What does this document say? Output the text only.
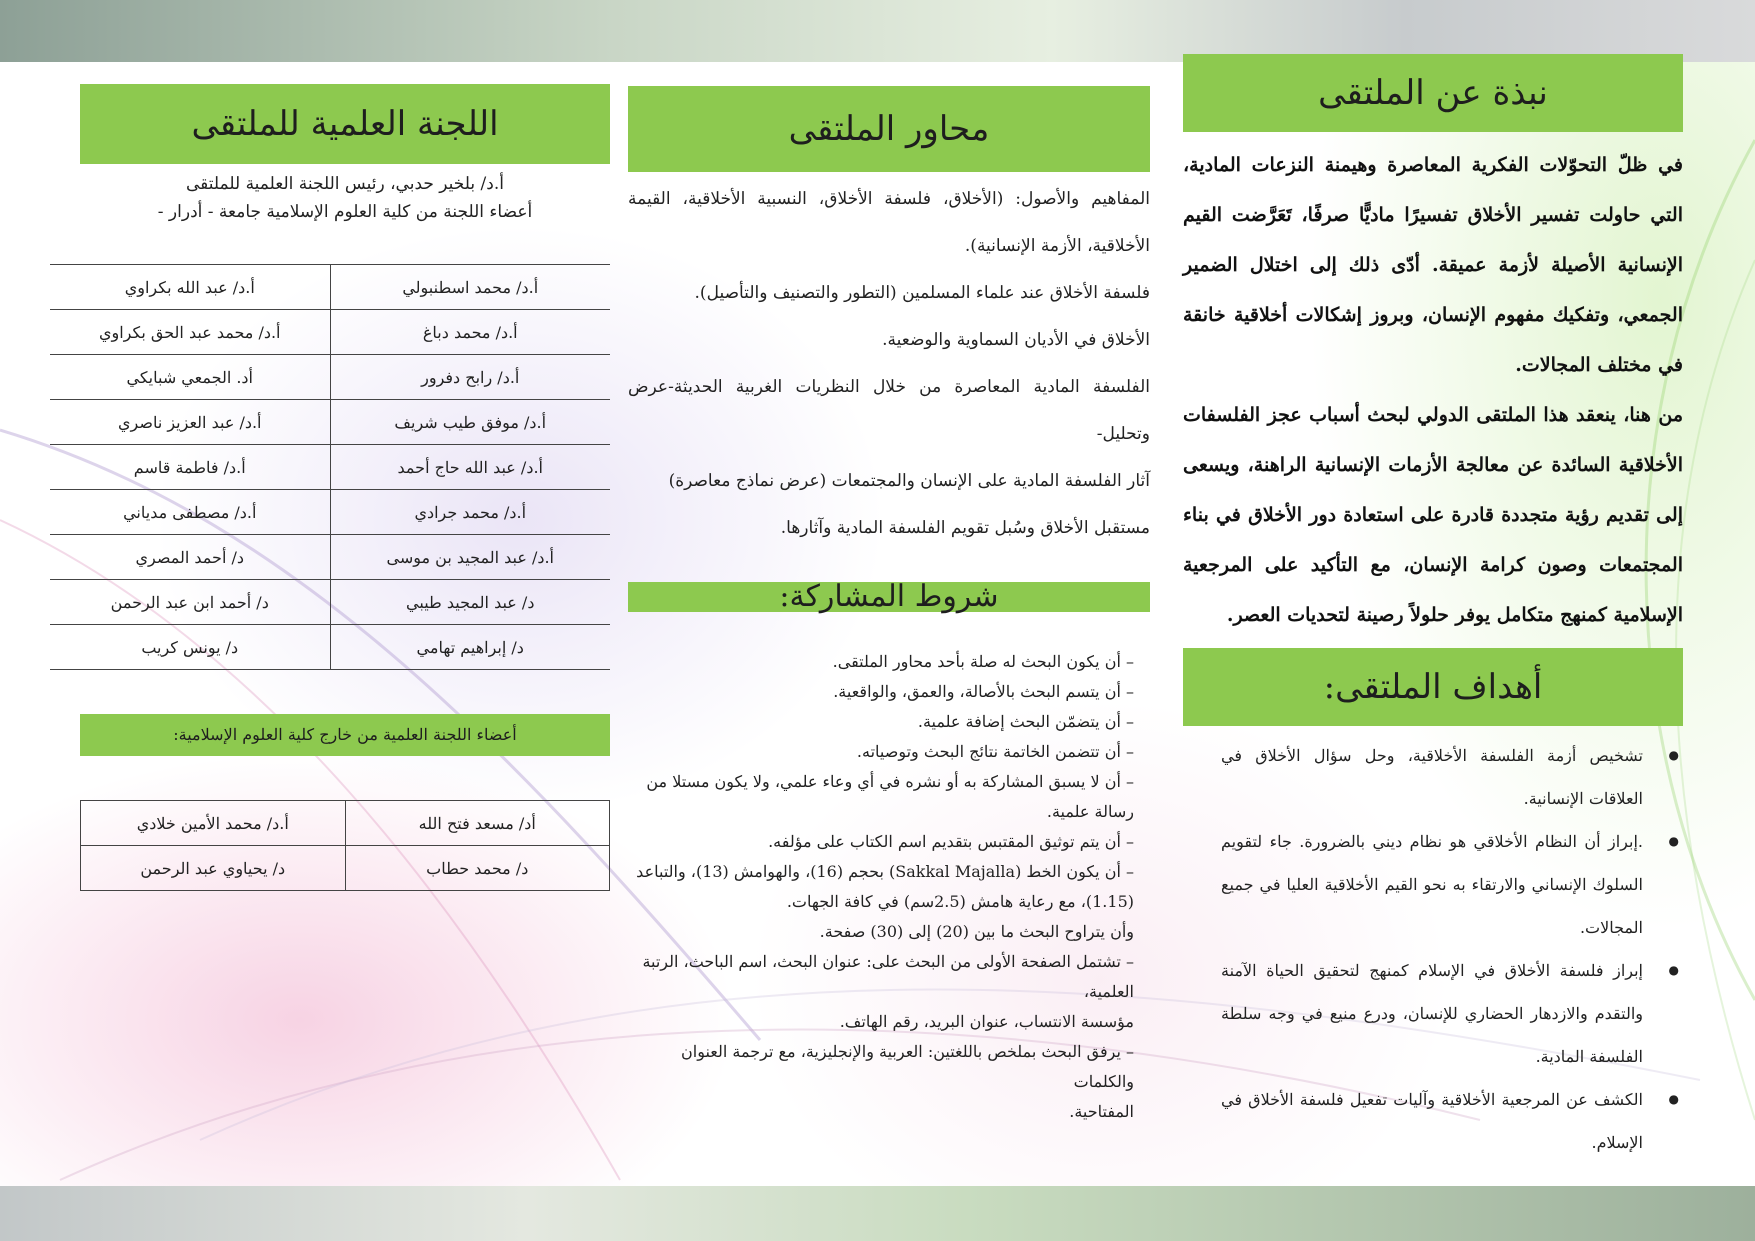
نبذة عن الملتقى

في ظلّ التحوّلات الفكرية المعاصرة وهيمنة النزعات المادية، التي حاولت تفسير الأخلاق تفسيرًا ماديًّا صرفًا، تَعَرَّضت القيم الإنسانية الأصيلة لأزمة عميقة. أدّى ذلك إلى اختلال الضمير الجمعي، وتفكيك مفهوم الإنسان، وبروز إشكالات أخلاقية خانقة في مختلف المجالات.

من هنا، ينعقد هذا الملتقى الدولي لبحث أسباب عجز الفلسفات الأخلاقية السائدة عن معالجة الأزمات الإنسانية الراهنة، ويسعى إلى تقديم رؤية متجددة قادرة على استعادة دور الأخلاق في بناء المجتمعات وصون كرامة الإنسان، مع التأكيد على المرجعية الإسلامية كمنهج متكامل يوفر حلولاً رصينة لتحديات العصر.

أهداف الملتقى:
● تشخيص أزمة الفلسفة الأخلاقية، وحل سؤال الأخلاق في العلاقات الإنسانية.
● .إبراز أن النظام الأخلاقي هو نظام ديني بالضرورة. جاء لتقويم السلوك الإنساني والارتقاء به نحو القيم الأخلاقية العليا في جميع المجالات.
● إبراز فلسفة الأخلاق في الإسلام كمنهج لتحقيق الحياة الآمنة والتقدم والازدهار الحضاري للإنسان، ودرع منيع في وجه سلطة الفلسفة المادية.
● الكشف عن المرجعية الأخلاقية وآليات تفعيل فلسفة الأخلاق في الإسلام.
محاور الملتقى

المفاهيم والأصول: (الأخلاق، فلسفة الأخلاق، النسبية الأخلاقية، القيمة الأخلاقية، الأزمة الإنسانية).

فلسفة الأخلاق عند علماء المسلمين (التطور والتصنيف والتأصيل).

الأخلاق في الأديان السماوية والوضعية.

الفلسفة المادية المعاصرة من خلال النظريات الغربية الحديثة-عرض وتحليل-

آثار الفلسفة المادية على الإنسان والمجتمعات (عرض نماذج معاصرة)

مستقبل الأخلاق وسُبل تقويم الفلسفة المادية وآثارها.

شروط المشاركة:
– أن يكون البحث له صلة بأحد محاور الملتقى.
– أن يتسم البحث بالأصالة، والعمق، والواقعية.
– أن يتضمّن البحث إضافة علمية.
– أن تتضمن الخاتمة نتائج البحث وتوصياته.
– أن لا يسبق المشاركة به أو نشره في أي وعاء علمي، ولا يكون مستلا من رسالة علمية.
– أن يتم توثيق المقتبس بتقديم اسم الكتاب على مؤلفه.
– أن يكون الخط (Sakkal Majalla) بحجم (16)، والهوامش (13)، والتباعد (1.15)، مع رعاية هامش (2.5سم) في كافة الجهات.
وأن يتراوح البحث ما بين (20) إلى (30) صفحة.
– تشتمل الصفحة الأولى من البحث على: عنوان البحث، اسم الباحث، الرتبة العلمية،
مؤسسة الانتساب، عنوان البريد، رقم الهاتف.
– يرفق البحث بملخص باللغتين: العربية والإنجليزية، مع ترجمة العنوان والكلمات
المفتاحية.
اللجنة العلمية للملتقى

أ.د/ بلخير حدبي، رئيس اللجنة العلمية للملتقى

أعضاء اللجنة من كلية العلوم الإسلامية جامعة - أدرار -

أ.د/ محمد اسطنبولي	أ.د/ عبد الله بكراوي
أ.د/ محمد دباغ	أ.د/ محمد عبد الحق بكراوي
أ.د/ رابح دفرور	أد. الجمعي شبايكي
أ.د/ موفق طيب شريف	أ.د/ عبد العزيز ناصري
أ.د/ عبد الله حاج أحمد	أ.د/ فاطمة قاسم
أ.د/ محمد جرادي	أ.د/ مصطفى مدياني
أ.د/ عبد المجيد بن موسى	د/ أحمد المصري
د/ عبد المجيد طيبي	د/ أحمد ابن عبد الرحمن
د/ إبراهيم تهامي	د/ يونس كريب
أعضاء اللجنة العلمية من خارج كلية العلوم الإسلامية:
أد/ مسعد فتح الله	أ.د/ محمد الأمين خلادي
د/ محمد حطاب	د/ يحياوي عبد الرحمن
